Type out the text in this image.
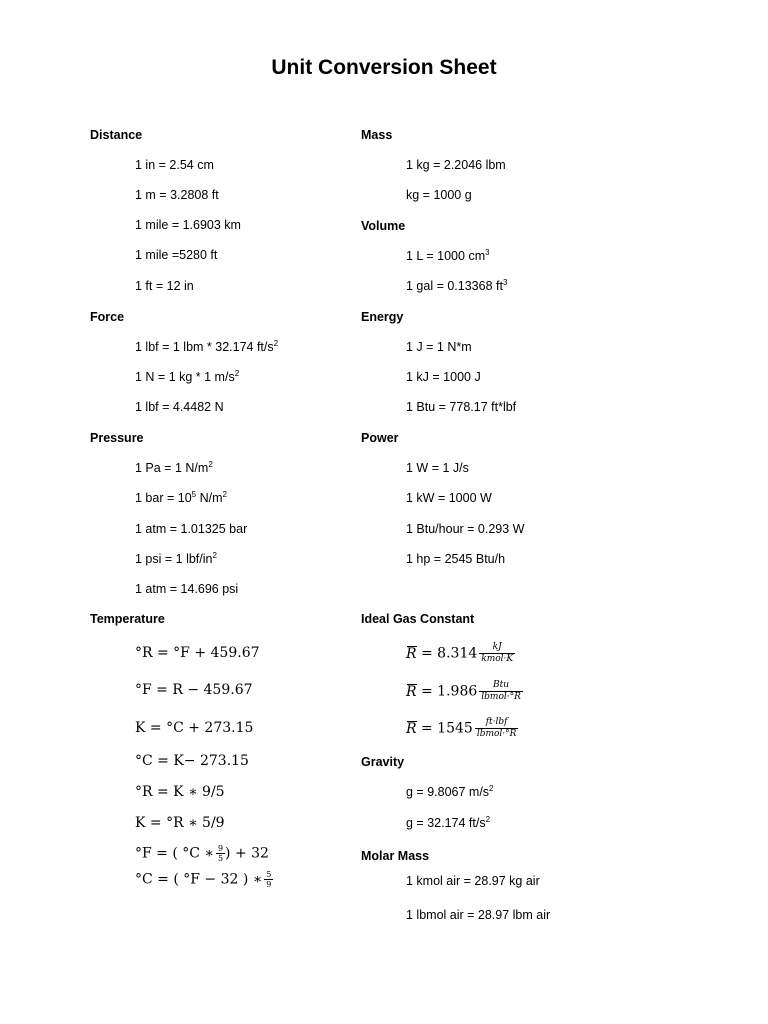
Unit Conversion Sheet
Distance
1 in = 2.54 cm
1 m = 3.2808 ft
1 mile = 1.6903 km
1 mile =5280 ft
1 ft = 12 in
Force
1 lbf = 1 lbm * 32.174 $ft/s^2$
1 N = 1 kg * 1 $m/s^2$
1 lbf = 4.4482 N
Pressure
1 Pa = 1 $N/m^2$
1 bar = $10^5$ $N/m^2$
1 atm = 1.01325 bar
1 psi = 1 lbf/$in^2$
1 atm = 14.696 psi
Temperature
°R = °F + 459.67
°F = R − 459.67
K = °C + 273.15
°C = K− 273.15
°R = K ∗ 9/5
K = °R ∗ 5/9
°F = ( °C ∗ $\frac{9}{5}$ ) + 32
°C = ( °F − 32 ) ∗ $\frac{5}{9}$
Mass
1 kg = 2.2046 lbm
kg = 1000 g
Volume
1 L = 1000 $cm^3$
1 gal = 0.13368 $ft^3$
Energy
1 J = 1 N*m
1 kJ = 1000 J
1 Btu = 778.17 ft*lbf
Power
1 W = 1 J/s
1 kW = 1000 W
1 Btu/hour = 0.293 W
1 hp = 2545 Btu/h
Ideal Gas Constant
$R = 8.314 \frac{kJ}{\text{kmol·K}}$
$R = 1.986 \frac{\text{Btu}}{\text{lbmol·°R}}$
$R = 1545 \frac{\text{ft·lbf}}{\text{lbmol·°R}}$
Gravity
g = 9.8067 $m/s^2$
g = 32.174 $ft/s^2$
Molar Mass
1 kmol air = 28.97 kg air
1 lbmol air = 28.97 lbm air
